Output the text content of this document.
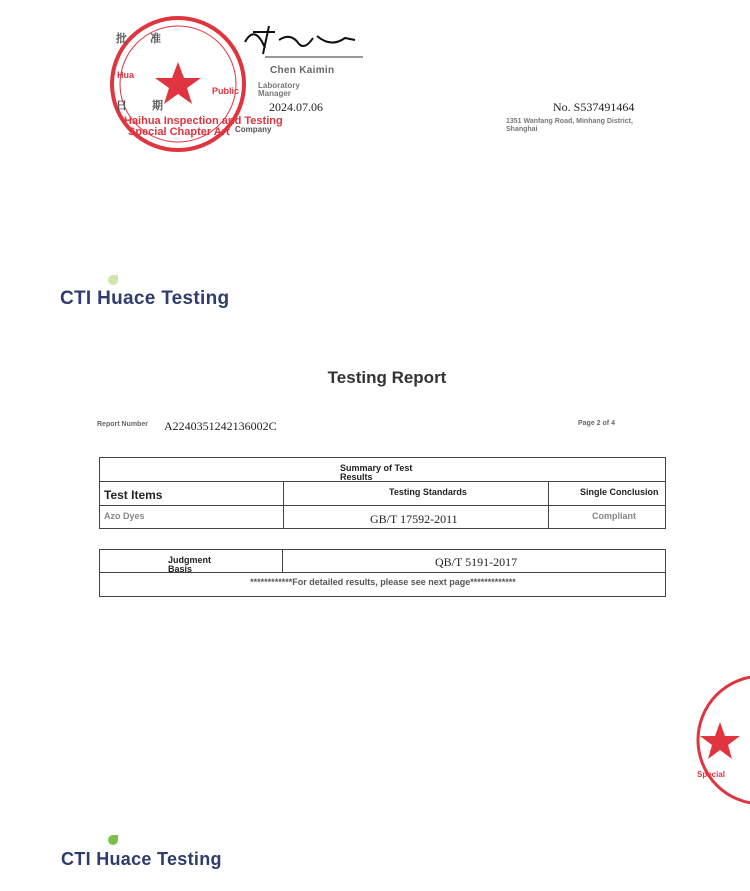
批
日 期
准
Hua
Public
Haihua Inspection and Testing
Special Chapter Art Company
Chen Kaimin
Laboratory Manager
2024.07.06	No. S537491464
1351 Wanfang Road, Minhang District, Shanghai
CTI Huace Testing
Testing Report
Report Number A2240351242136002C	Page 2 of 4
Summary of Test Results
Test Items	Testing Standards	Single Conclusion
Azo Dyes	GB/T 17592-2011	Compliant
Judgment Basis	QB/T 5191-2017
************For detailed results, please see next page*************
Special
CTI Huace Testing
